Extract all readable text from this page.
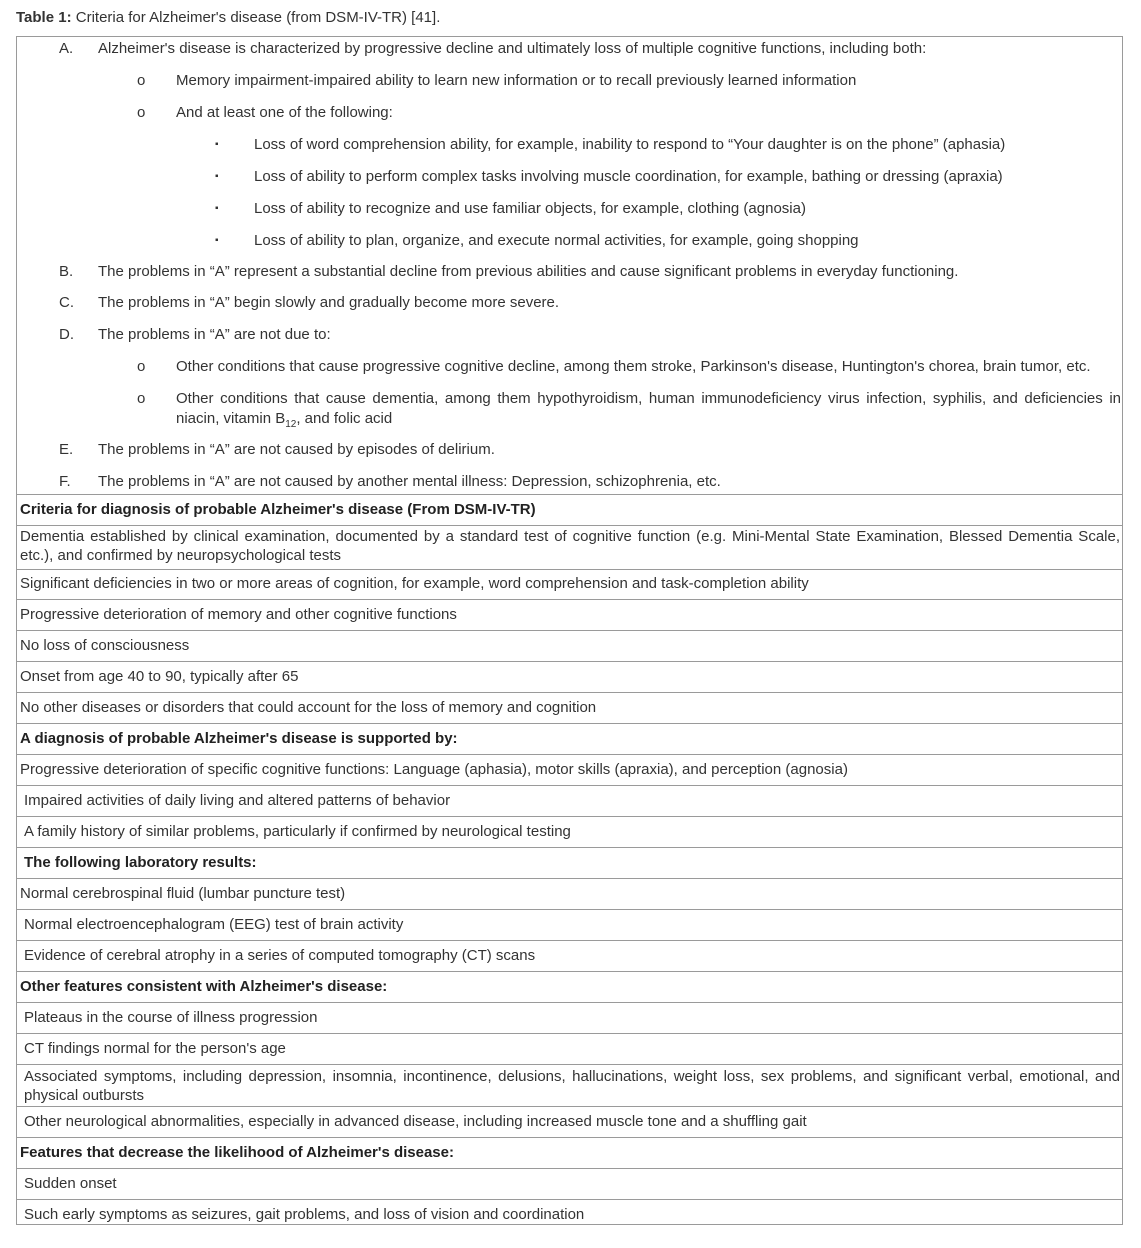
Table 1: Criteria for Alzheimer's disease (from DSM-IV-TR) [41].
A. Alzheimer's disease is characterized by progressive decline and ultimately loss of multiple cognitive functions, including both:
o Memory impairment-impaired ability to learn new information or to recall previously learned information
o And at least one of the following:
▪ Loss of word comprehension ability, for example, inability to respond to “Your daughter is on the phone” (aphasia)
▪ Loss of ability to perform complex tasks involving muscle coordination, for example, bathing or dressing (apraxia)
▪ Loss of ability to recognize and use familiar objects, for example, clothing (agnosia)
▪ Loss of ability to plan, organize, and execute normal activities, for example, going shopping
B. The problems in “A” represent a substantial decline from previous abilities and cause significant problems in everyday functioning.
C. The problems in “A” begin slowly and gradually become more severe.
D. The problems in “A” are not due to:
o Other conditions that cause progressive cognitive decline, among them stroke, Parkinson's disease, Huntington's chorea, brain tumor, etc.
o Other conditions that cause dementia, among them hypothyroidism, human immunodeficiency virus infection, syphilis, and deficiencies in niacin, vitamin $B_{12}$, and folic acid
E. The problems in “A” are not caused by episodes of delirium.
F. The problems in “A” are not caused by another mental illness: Depression, schizophrenia, etc.
Criteria for diagnosis of probable Alzheimer's disease (From DSM-IV-TR)
Dementia established by clinical examination, documented by a standard test of cognitive function (e.g. Mini-Mental State Examination, Blessed Dementia Scale, etc.), and confirmed by neuropsychological tests
Significant deficiencies in two or more areas of cognition, for example, word comprehension and task-completion ability
Progressive deterioration of memory and other cognitive functions
No loss of consciousness
Onset from age 40 to 90, typically after 65
No other diseases or disorders that could account for the loss of memory and cognition
A diagnosis of probable Alzheimer's disease is supported by:
Progressive deterioration of specific cognitive functions: Language (aphasia), motor skills (apraxia), and perception (agnosia)
Impaired activities of daily living and altered patterns of behavior
A family history of similar problems, particularly if confirmed by neurological testing
The following laboratory results:
Normal cerebrospinal fluid (lumbar puncture test)
Normal electroencephalogram (EEG) test of brain activity
Evidence of cerebral atrophy in a series of computed tomography (CT) scans
Other features consistent with Alzheimer's disease:
Plateaus in the course of illness progression
CT findings normal for the person's age
Associated symptoms, including depression, insomnia, incontinence, delusions, hallucinations, weight loss, sex problems, and significant verbal, emotional, and physical outbursts
Other neurological abnormalities, especially in advanced disease, including increased muscle tone and a shuffling gait
Features that decrease the likelihood of Alzheimer's disease:
Sudden onset
Such early symptoms as seizures, gait problems, and loss of vision and coordination
